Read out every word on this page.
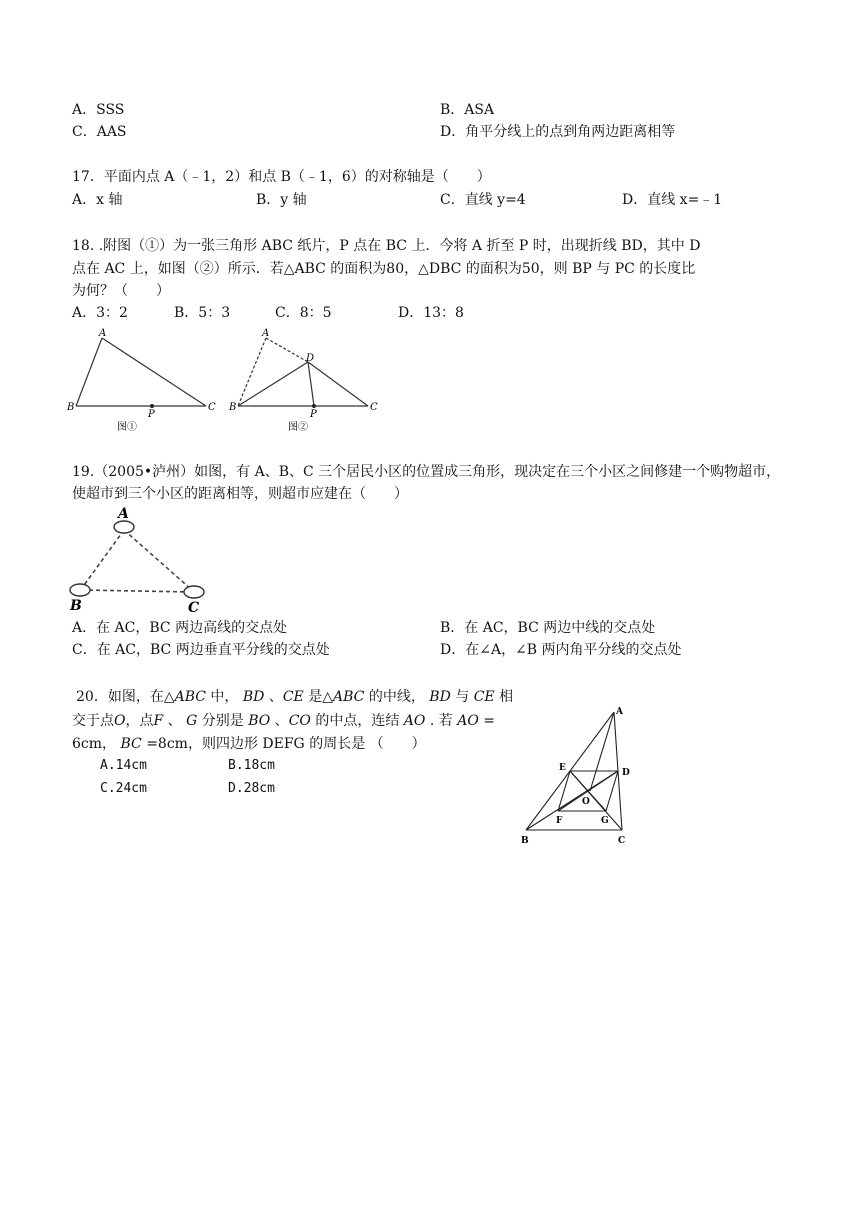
A．SSS	B．ASA
C．AAS	D．角平分线上的点到角两边距离相等
17．平面内点 A（﹣1，2）和点 B（﹣1，6）的对称轴是（　　）
A．x 轴	B．y 轴	C．直线 y=4	D．直线 x=﹣1
18. .附图（①）为一张三角形 ABC 纸片，P 点在 BC 上．今将 A 折至 P 时，出现折线 BD，其中 D
点在 AC 上，如图（②）所示．若△ABC 的面积为80，△DBC 的面积为50，则 BP 与 PC 的长度比
为何？（　　）
A．3：2	B．5：3	C．8：5	D．13：8
A
B	C
P
图①
A
D
B	C
P
图②
19.（2005•泸州）如图，有 A、B、C 三个居民小区的位置成三角形，现决定在三个小区之间修建一个购物超市，
使超市到三个小区的距离相等，则超市应建在（　　）
A
B	C
A．在 AC，BC 两边高线的交点处	B．在 AC，BC 两边中线的交点处
C．在 AC，BC 两边垂直平分线的交点处	D．在∠A，∠B 两内角平分线的交点处
20．如图，在△ABC 中， BD 、CE 是△ABC 的中线， BD 与 CE 相
交于点O，点F 、 G 分别是 BO 、CO 的中点，连结 AO . 若 AO =
6cm， BC =8cm，则四边形 DEFG 的周长是 （　　）
A.14cm	B.18cm
C.24cm	D.28cm
A
E	D
O
F	G
B	C
